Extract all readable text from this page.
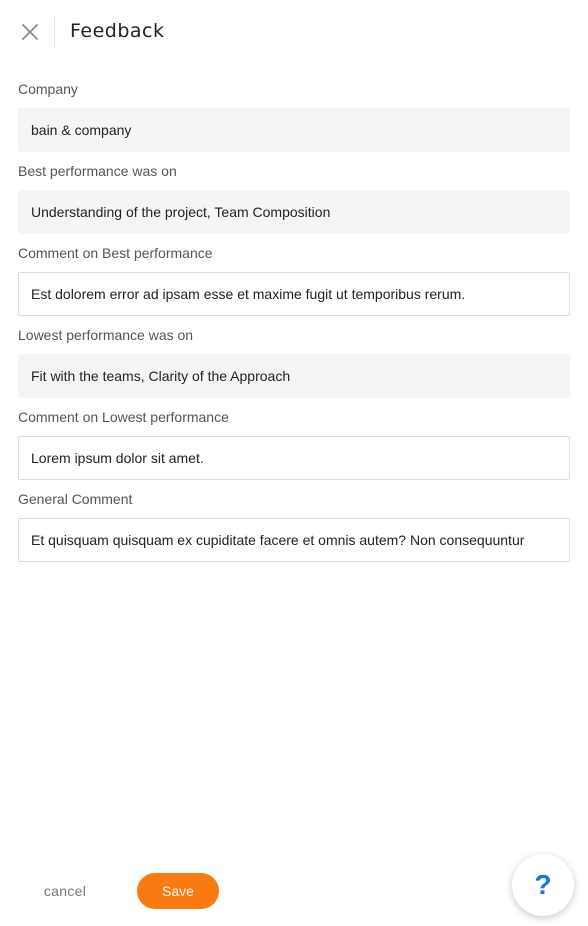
Feedback
Company
bain & company
Best performance was on
Understanding of the project, Team Composition
Comment on Best performance
Est dolorem error ad ipsam esse et maxime fugit ut temporibus rerum.
Lowest performance was on
Fit with the teams, Clarity of the Approach
Comment on Lowest performance
Lorem ipsum dolor sit amet.
General Comment
Et quisquam quisquam ex cupiditate facere et omnis autem? Non consequuntur
cancel	Save	?
